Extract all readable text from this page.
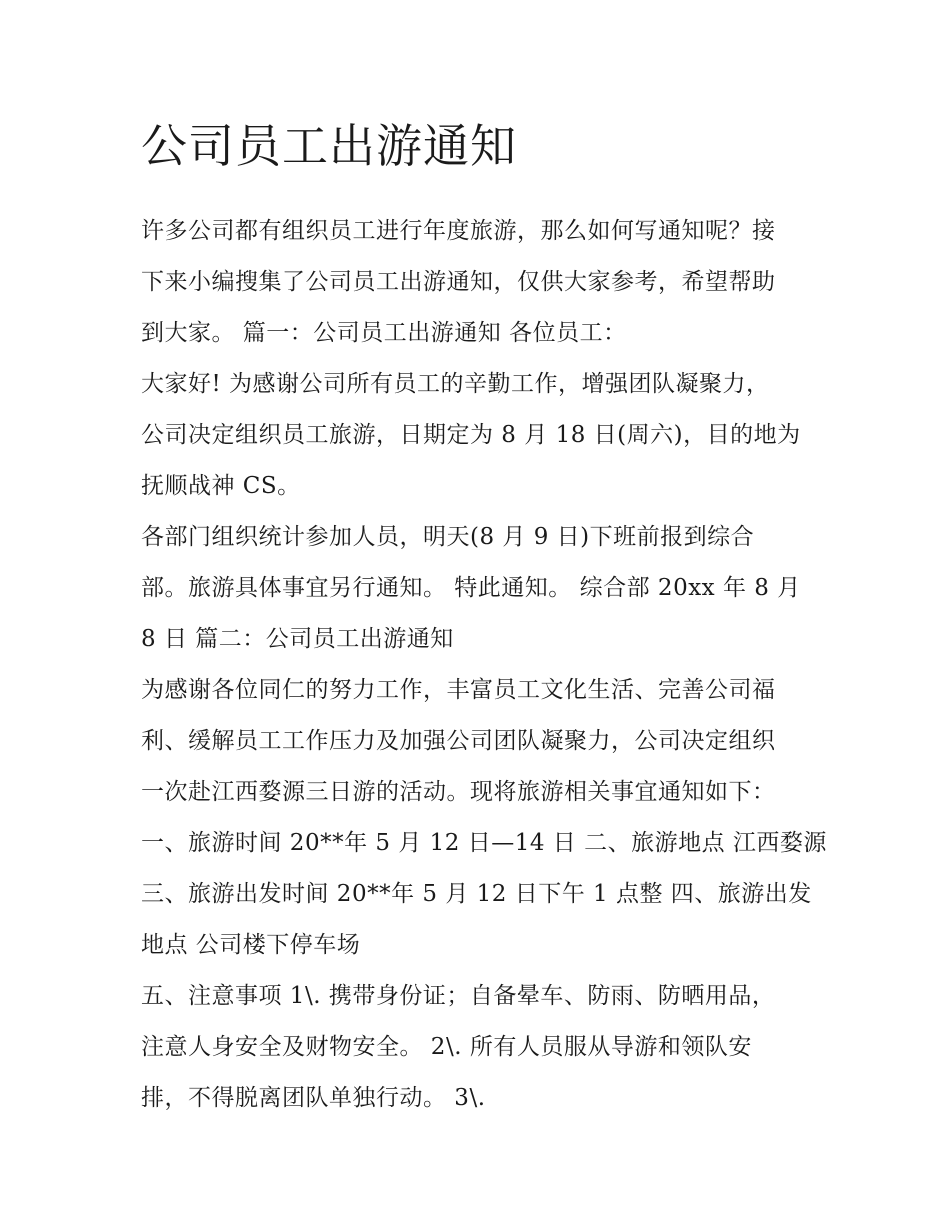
公司员工出游通知
许多公司都有组织员工进行年度旅游，那么如何写通知呢？接
下来小编搜集了公司员工出游通知，仅供大家参考，希望帮助
到大家。 篇一：公司员工出游通知 各位员工：
大家好! 为感谢公司所有员工的辛勤工作，增强团队凝聚力，
公司决定组织员工旅游，日期定为 8 月 18 日(周六)，目的地为
抚顺战神 CS。
各部门组织统计参加人员，明天(8 月 9 日)下班前报到综合
部。旅游具体事宜另行通知。 特此通知。 综合部 20xx 年 8 月
8 日 篇二：公司员工出游通知
为感谢各位同仁的努力工作，丰富员工文化生活、完善公司福
利、缓解员工工作压力及加强公司团队凝聚力，公司决定组织
一次赴江西婺源三日游的活动。现将旅游相关事宜通知如下：
一、旅游时间 20**年 5 月 12 日—14 日 二、旅游地点 江西婺源
三、旅游出发时间 20**年 5 月 12 日下午 1 点整 四、旅游出发
地点 公司楼下停车场
五、注意事项 1\. 携带身份证；自备晕车、防雨、防晒用品，
注意人身安全及财物安全。 2\. 所有人员服从导游和领队安
排，不得脱离团队单独行动。 3\.
